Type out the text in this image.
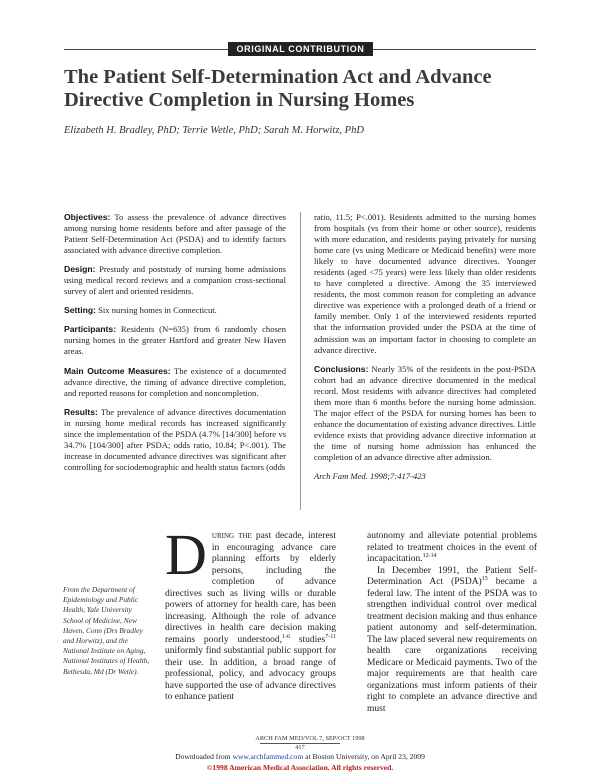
ORIGINAL CONTRIBUTION
The Patient Self-Determination Act and Advance
Directive Completion in Nursing Homes
Elizabeth H. Bradley, PhD; Terrie Wetle, PhD; Sarah M. Horwitz, PhD
Objectives: To assess the prevalence of advance directives among nursing home residents before and after passage of the Patient Self-Determination Act (PSDA) and to identify factors associated with advance directive completion.
Design: Prestudy and poststudy of nursing home admissions using medical record reviews and a companion cross-sectional survey of alert and oriented residents.
Setting: Six nursing homes in Connecticut.
Participants: Residents (N=635) from 6 randomly chosen nursing homes in the greater Hartford and greater New Haven areas.
Main Outcome Measures: The existence of a documented advance directive, the timing of advance directive completion, and reported reasons for completion and noncompletion.
Results: The prevalence of advance directives documentation in nursing home medical records has increased significantly since the implementation of the PSDA (4.7% [14/300] before vs 34.7% [104/300] after PSDA; odds ratio, 10.84; P<.001). The increase in documented advance directives was significant after controlling for sociodemographic and health status factors (odds
ratio, 11.5; P<.001). Residents admitted to the nursing homes from hospitals (vs from their home or other source), residents with more education, and residents paying privately for nursing home care (vs using Medicare or Medicaid benefits) were more likely to have documented advance directives. Younger residents (aged <75 years) were less likely than older residents to have completed a directive. Among the 35 interviewed residents, the most common reason for completing an advance directive was experience with a prolonged death of a friend or family member. Only 1 of the interviewed residents reported that the information provided under the PSDA at the time of admission was an important factor in choosing to complete an advance directive.
Conclusions: Nearly 35% of the residents in the post-PSDA cohort had an advance directive documented in the medical record. Most residents with advance directives had completed them more than 6 months before the nursing home admission. The major effect of the PSDA for nursing homes has been to enhance the documentation of existing advance directives. Little evidence exists that providing advance directive information at the time of nursing home admission has enhanced the completion of an advance directive after admission.
Arch Fam Med. 1998;7:417-423
From the Department of Epidemiology and Public Health, Yale University School of Medicine, New Haven, Conn (Drs Bradley and Horwitz), and the National Institute on Aging, National Institutes of Health, Bethesda, Md (Dr Wetle).

During the past decade, interest in encouraging advance care planning efforts by elderly persons, including the completion of advance directives such as living wills or durable powers of attorney for health care, has been increasing. Although the role of advance directives in health care decision making remains poorly understood,$^{1-6}$ studies$^{7-11}$ uniformly find substantial public support for their use. In addition, a broad range of professional, policy, and advocacy groups have supported the use of advance directives to enhance patient

autonomy and alleviate potential problems related to treatment choices in the event of incapacitation.$^{12-14}$

In December 1991, the Patient Self-Determination Act (PSDA)$^{15}$ became a federal law. The intent of the PSDA was to strengthen individual control over medical treatment decision making and thus enhance patient autonomy and self-determination. The law placed several new requirements on health care organizations receiving Medicare or Medicaid payments. Two of the major requirements are that health care organizations must inform patients of their right to complete an advance directive and must

ARCH FAM MED/VOL 7, SEP/OCT 1998
417
Downloaded from www.archfammed.com at Boston University, on April 23, 2009
©1998 American Medical Association. All rights reserved.
